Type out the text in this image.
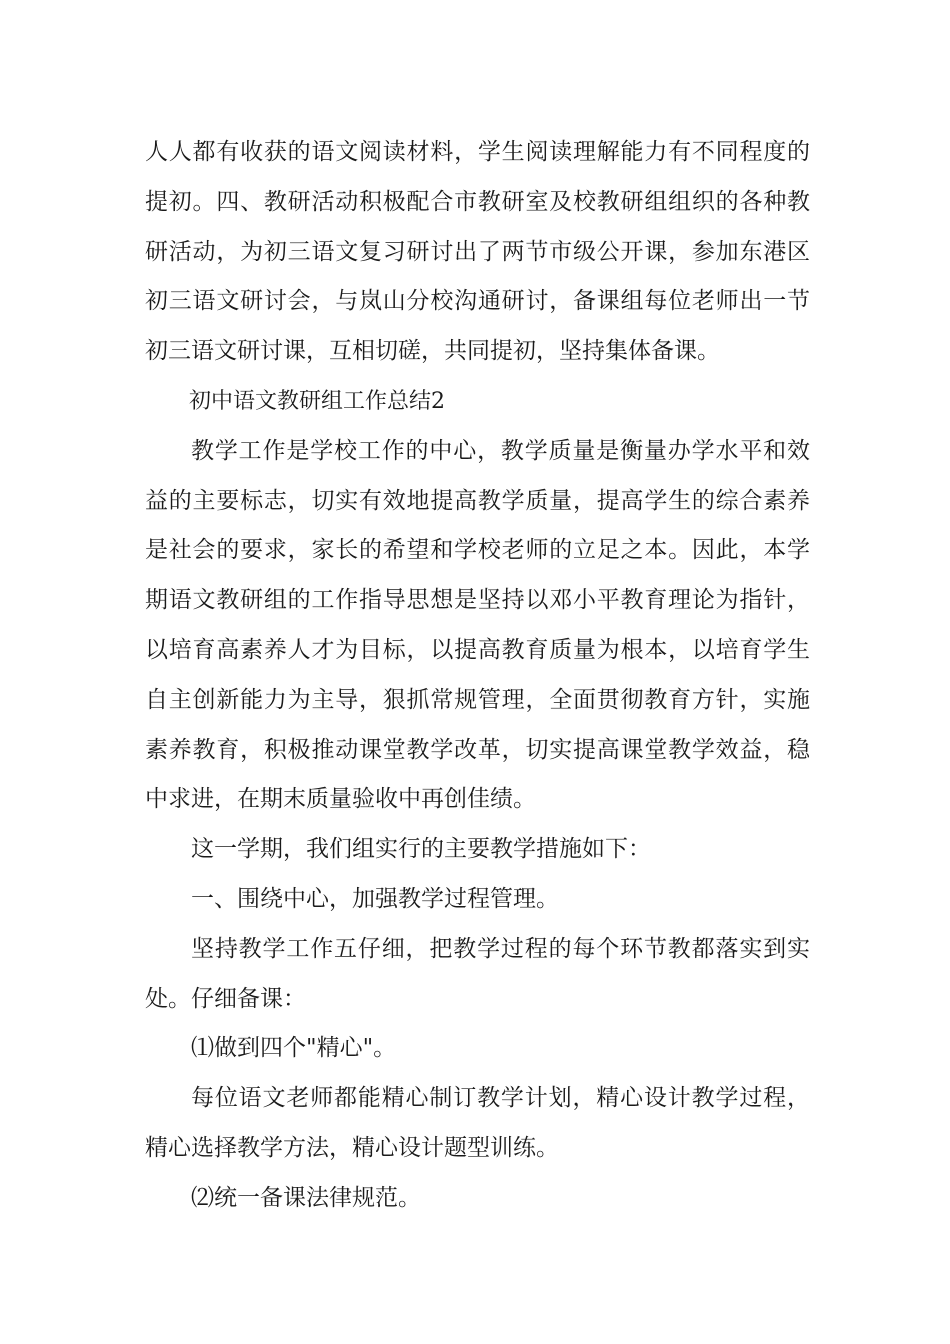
人人都有收获的语文阅读材料，学生阅读理解能力有不同程度的提初。四、教研活动积极配合市教研室及校教研组组织的各种教研活动，为初三语文复习研讨出了两节市级公开课，参加东港区初三语文研讨会，与岚山分校沟通研讨，备课组每位老师出一节初三语文研讨课，互相切磋，共同提初，坚持集体备课。

初中语文教研组工作总结2

教学工作是学校工作的中心，教学质量是衡量办学水平和效益的主要标志，切实有效地提高教学质量，提高学生的综合素养是社会的要求，家长的希望和学校老师的立足之本。因此，本学期语文教研组的工作指导思想是坚持以邓小平教育理论为指针，以培育高素养人才为目标，以提高教育质量为根本，以培育学生自主创新能力为主导，狠抓常规管理，全面贯彻教育方针，实施素养教育，积极推动课堂教学改革，切实提高课堂教学效益，稳中求进，在期末质量验收中再创佳绩。

这一学期，我们组实行的主要教学措施如下：

一、围绕中心，加强教学过程管理。

坚持教学工作五仔细，把教学过程的每个环节教都落实到实处。仔细备课：

⑴做到四个"精心"。

每位语文老师都能精心制订教学计划，精心设计教学过程，精心选择教学方法，精心设计题型训练。

⑵统一备课法律规范。
